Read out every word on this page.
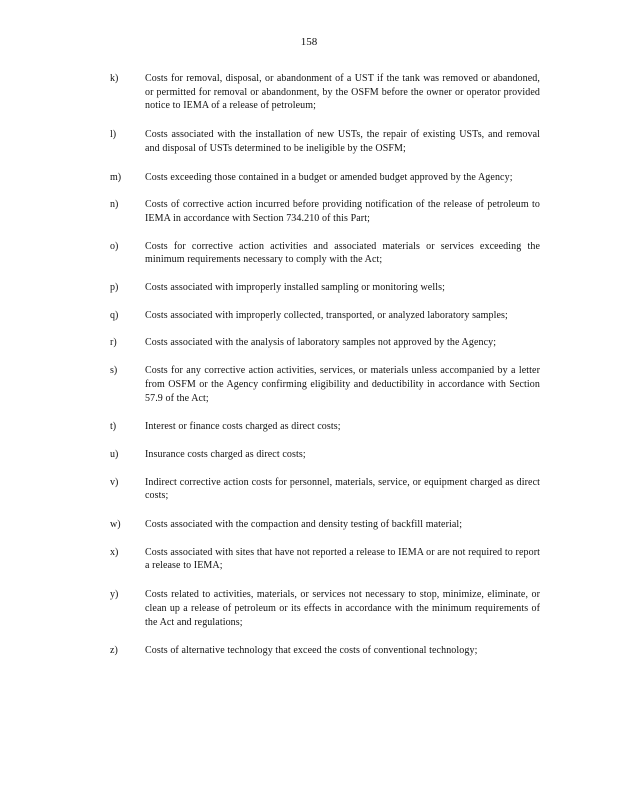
158
k)	Costs for removal, disposal, or abandonment of a UST if the tank was removed or abandoned, or permitted for removal or abandonment, by the OSFM before the owner or operator provided notice to IEMA of a release of petroleum;
l)	Costs associated with the installation of new USTs, the repair of existing USTs, and removal and disposal of USTs determined to be ineligible by the OSFM;
m)	Costs exceeding those contained in a budget or amended budget approved by the Agency;
n)	Costs of corrective action incurred before providing notification of the release of petroleum to IEMA in accordance with Section 734.210 of this Part;
o)	Costs for corrective action activities and associated materials or services exceeding the minimum requirements necessary to comply with the Act;
p)	Costs associated with improperly installed sampling or monitoring wells;
q)	Costs associated with improperly collected, transported, or analyzed laboratory samples;
r)	Costs associated with the analysis of laboratory samples not approved by the Agency;
s)	Costs for any corrective action activities, services, or materials unless accompanied by a letter from OSFM or the Agency confirming eligibility and deductibility in accordance with Section 57.9 of the Act;
t)	Interest or finance costs charged as direct costs;
u)	Insurance costs charged as direct costs;
v)	Indirect corrective action costs for personnel, materials, service, or equipment charged as direct costs;
w)	Costs associated with the compaction and density testing of backfill material;
x)	Costs associated with sites that have not reported a release to IEMA or are not required to report a release to IEMA;
y)	Costs related to activities, materials, or services not necessary to stop, minimize, eliminate, or clean up a release of petroleum or its effects in accordance with the minimum requirements of the Act and regulations;
z)	Costs of alternative technology that exceed the costs of conventional technology;
